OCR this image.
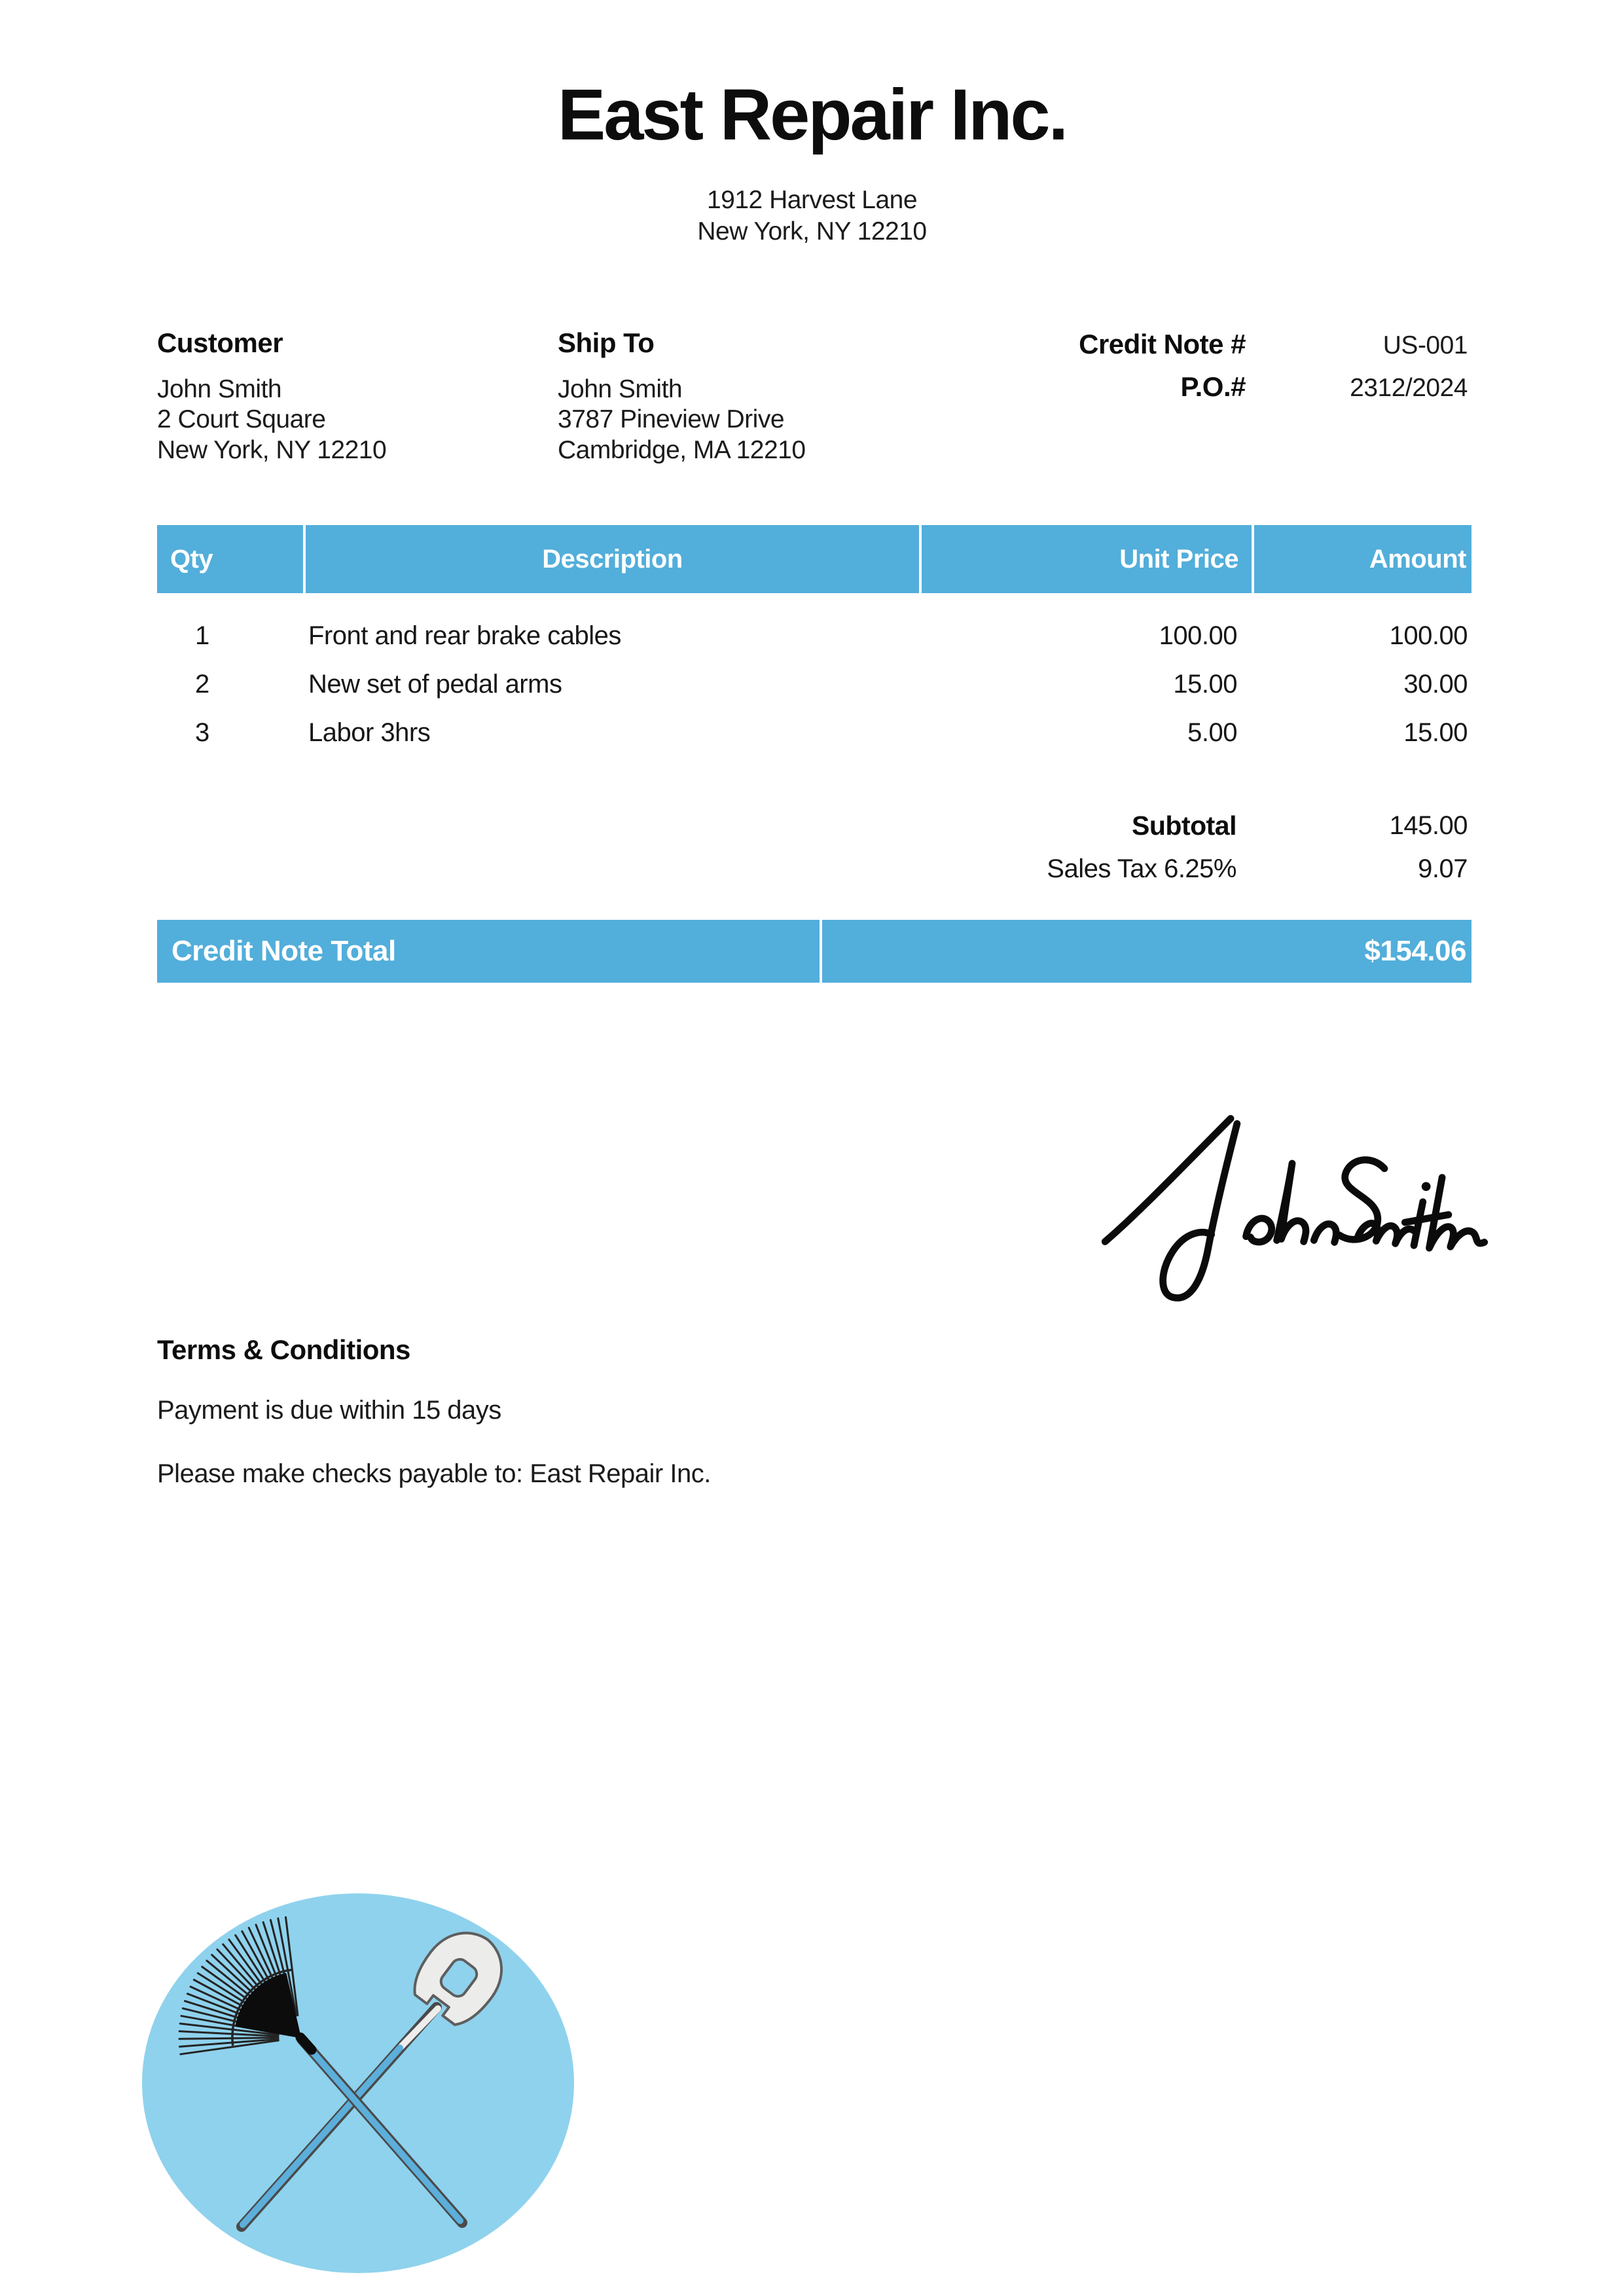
East Repair Inc.
1912 Harvest Lane
New York, NY 12210
Customer
John Smith
2 Court Square
New York, NY 12210
Ship To
John Smith
3787 Pineview Drive
Cambridge, MA 12210
Credit Note #	US-001
P.O.#	2312/2024
Qty	Description	Unit Price	Amount
1	Front and rear brake cables	100.00	100.00
2	New set of pedal arms	15.00	30.00
3	Labor 3hrs	5.00	15.00
Subtotal	145.00
Sales Tax 6.25%	9.07
Credit Note Total	$154.06

Terms & Conditions

Payment is due within 15 days

Please make checks payable to: East Repair Inc.
